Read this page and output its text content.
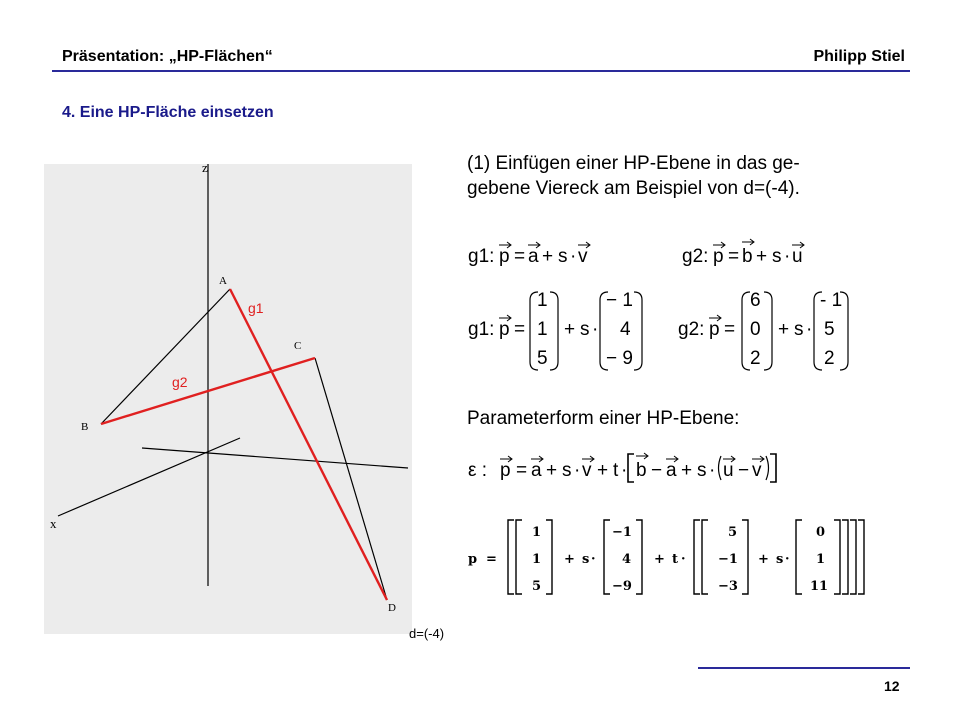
Präsentation: „HP-Flächen“	Philipp Stiel
4. Eine HP-Fläche einsetzen
z
x
A
B
C
D
g1
g2
d=(-4)
(1) Einfügen einer HP-Ebene in das ge-
gebene Viereck am Beispiel von d=(-4).
g1: p = a + s · v	g2: p = b + s · u
g1: p =
1
1
5
+ s ·
− 1
4
− 9
g2: p =
6
0
2
+ s ·
- 1
5
2
Parameterform einer HP-Ebene:
ε : p = a + s · v + t · b − a + s · u − v
p =
1
1
5
+ s ·
−1
4
−9
+ t ·
5
−1
−3
+ s ·
0
1
11
12
